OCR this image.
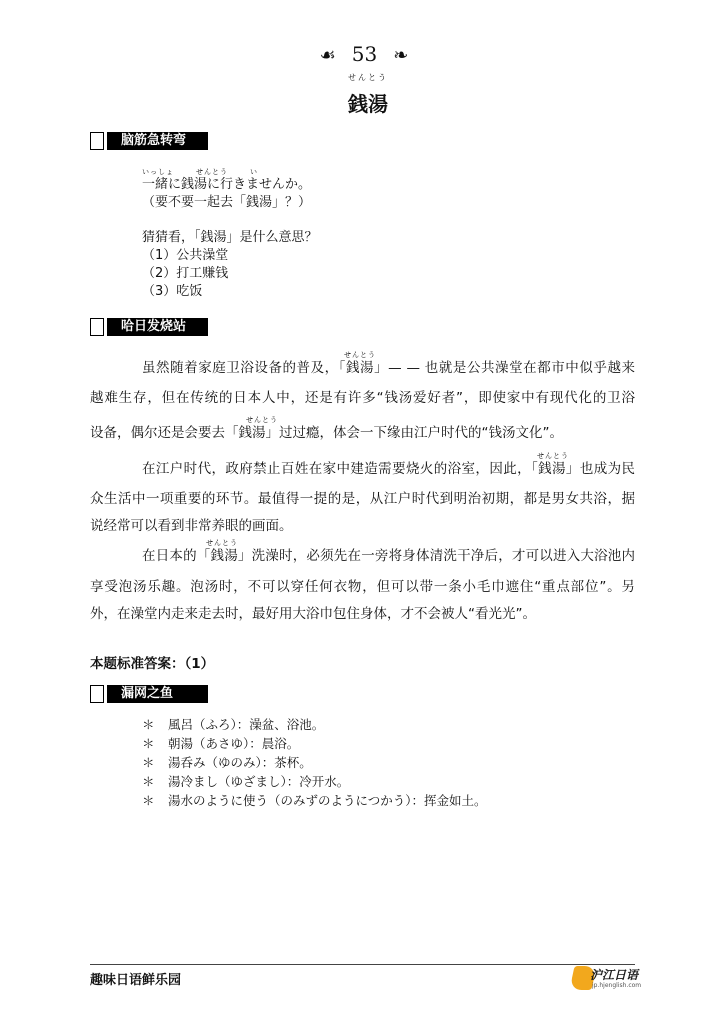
☙ 53 ❧
せんとう
銭湯
脑筋急转弯
いっしょ	せんとう	い
一緒に銭湯に行きませんか。
（要不要一起去「銭湯」？）
猜猜看，「銭湯」是什么意思？
（1）公共澡堂
（2）打工赚钱
（3）吃饭
哈日发烧站
せんとう
虽然随着家庭卫浴设备的普及，「銭湯」— — 也就是公共澡堂在都市中似乎越来
越难生存，但在传统的日本人中，还是有许多“钱汤爱好者”，即使家中有现代化的卫浴
せんとう
设备，偶尔还是会要去「銭湯」过过瘾，体会一下缘由江户时代的“钱汤文化”。
せんとう
在江户时代，政府禁止百姓在家中建造需要烧火的浴室，因此，「銭湯」也成为民
众生活中一项重要的环节。最值得一提的是，从江户时代到明治初期，都是男女共浴，据
说经常可以看到非常养眼的画面。
せんとう
在日本的「銭湯」洗澡时，必须先在一旁将身体清洗干净后，才可以进入大浴池内
享受泡汤乐趣。泡汤时，不可以穿任何衣物，但可以带一条小毛巾遮住“重点部位”。另
外，在澡堂内走来走去时，最好用大浴巾包住身体，才不会被人“看光光”。
本题标准答案：（1）
漏网之鱼
＊ 風呂（ふろ）：澡盆、浴池。
＊ 朝湯（あさゆ）：晨浴。
＊ 湯呑み（ゆのみ）：茶杯。
＊ 湯冷まし（ゆざまし）：冷开水。
＊ 湯水のように使う（のみずのようにつかう）：挥金如土。
趣味日语鲜乐园	沪江日语
jp.hjenglish.com
